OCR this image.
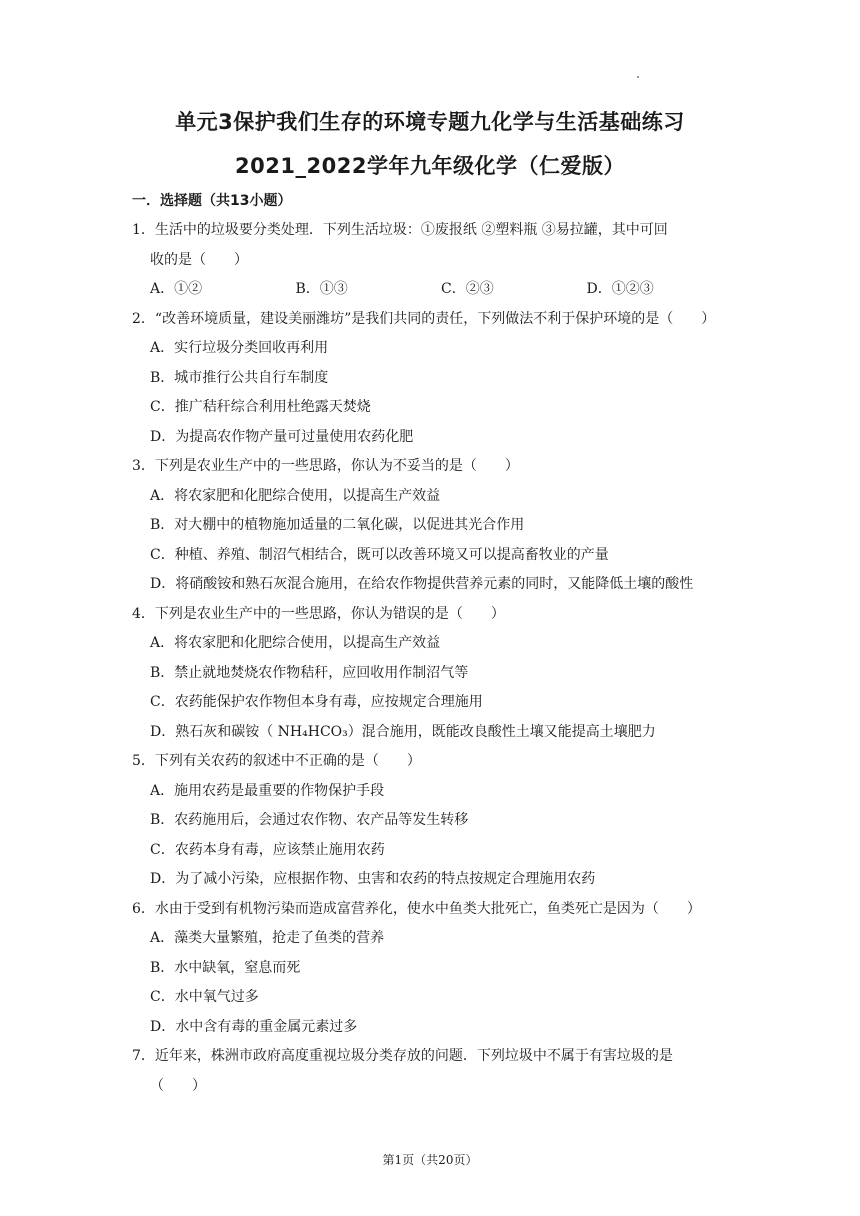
单元3保护我们生存的环境专题九化学与生活基础练习
2021_2022学年九年级化学（仁爱版）
一．选择题（共13小题）
1．生活中的垃圾要分类处理．下列生活垃圾：①废报纸 ②塑料瓶 ③易拉罐，其中可回
收的是（　　）
A．①②	B．①③	C．②③	D．①②③
2．“改善环境质量，建设美丽潍坊”是我们共同的责任，下列做法不利于保护环境的是（　　）
A．实行垃圾分类回收再利用
B．城市推行公共自行车制度
C．推广秸秆综合利用杜绝露天焚烧
D．为提高农作物产量可过量使用农药化肥
3．下列是农业生产中的一些思路，你认为不妥当的是（　　）
A．将农家肥和化肥综合使用，以提高生产效益
B．对大棚中的植物施加适量的二氧化碳，以促进其光合作用
C．种植、养殖、制沼气相结合，既可以改善环境又可以提高畜牧业的产量
D．将硝酸铵和熟石灰混合施用，在给农作物提供营养元素的同时，又能降低土壤的酸性
4．下列是农业生产中的一些思路，你认为错误的是（　　）
A．将农家肥和化肥综合使用，以提高生产效益
B．禁止就地焚烧农作物秸秆，应回收用作制沼气等
C．农药能保护农作物但本身有毒，应按规定合理施用
D．熟石灰和碳铵（ NH₄HCO₃）混合施用，既能改良酸性土壤又能提高土壤肥力
5．下列有关农药的叙述中不正确的是（　　）
A．施用农药是最重要的作物保护手段
B．农药施用后，会通过农作物、农产品等发生转移
C．农药本身有毒，应该禁止施用农药
D．为了减小污染，应根据作物、虫害和农药的特点按规定合理施用农药
6．水由于受到有机物污染而造成富营养化，使水中鱼类大批死亡，鱼类死亡是因为（　　）
A．藻类大量繁殖，抢走了鱼类的营养
B．水中缺氧，窒息而死
C．水中氧气过多
D．水中含有毒的重金属元素过多
7．近年来，株洲市政府高度重视垃圾分类存放的问题．下列垃圾中不属于有害垃圾的是
（　　）
第1页（共20页）
